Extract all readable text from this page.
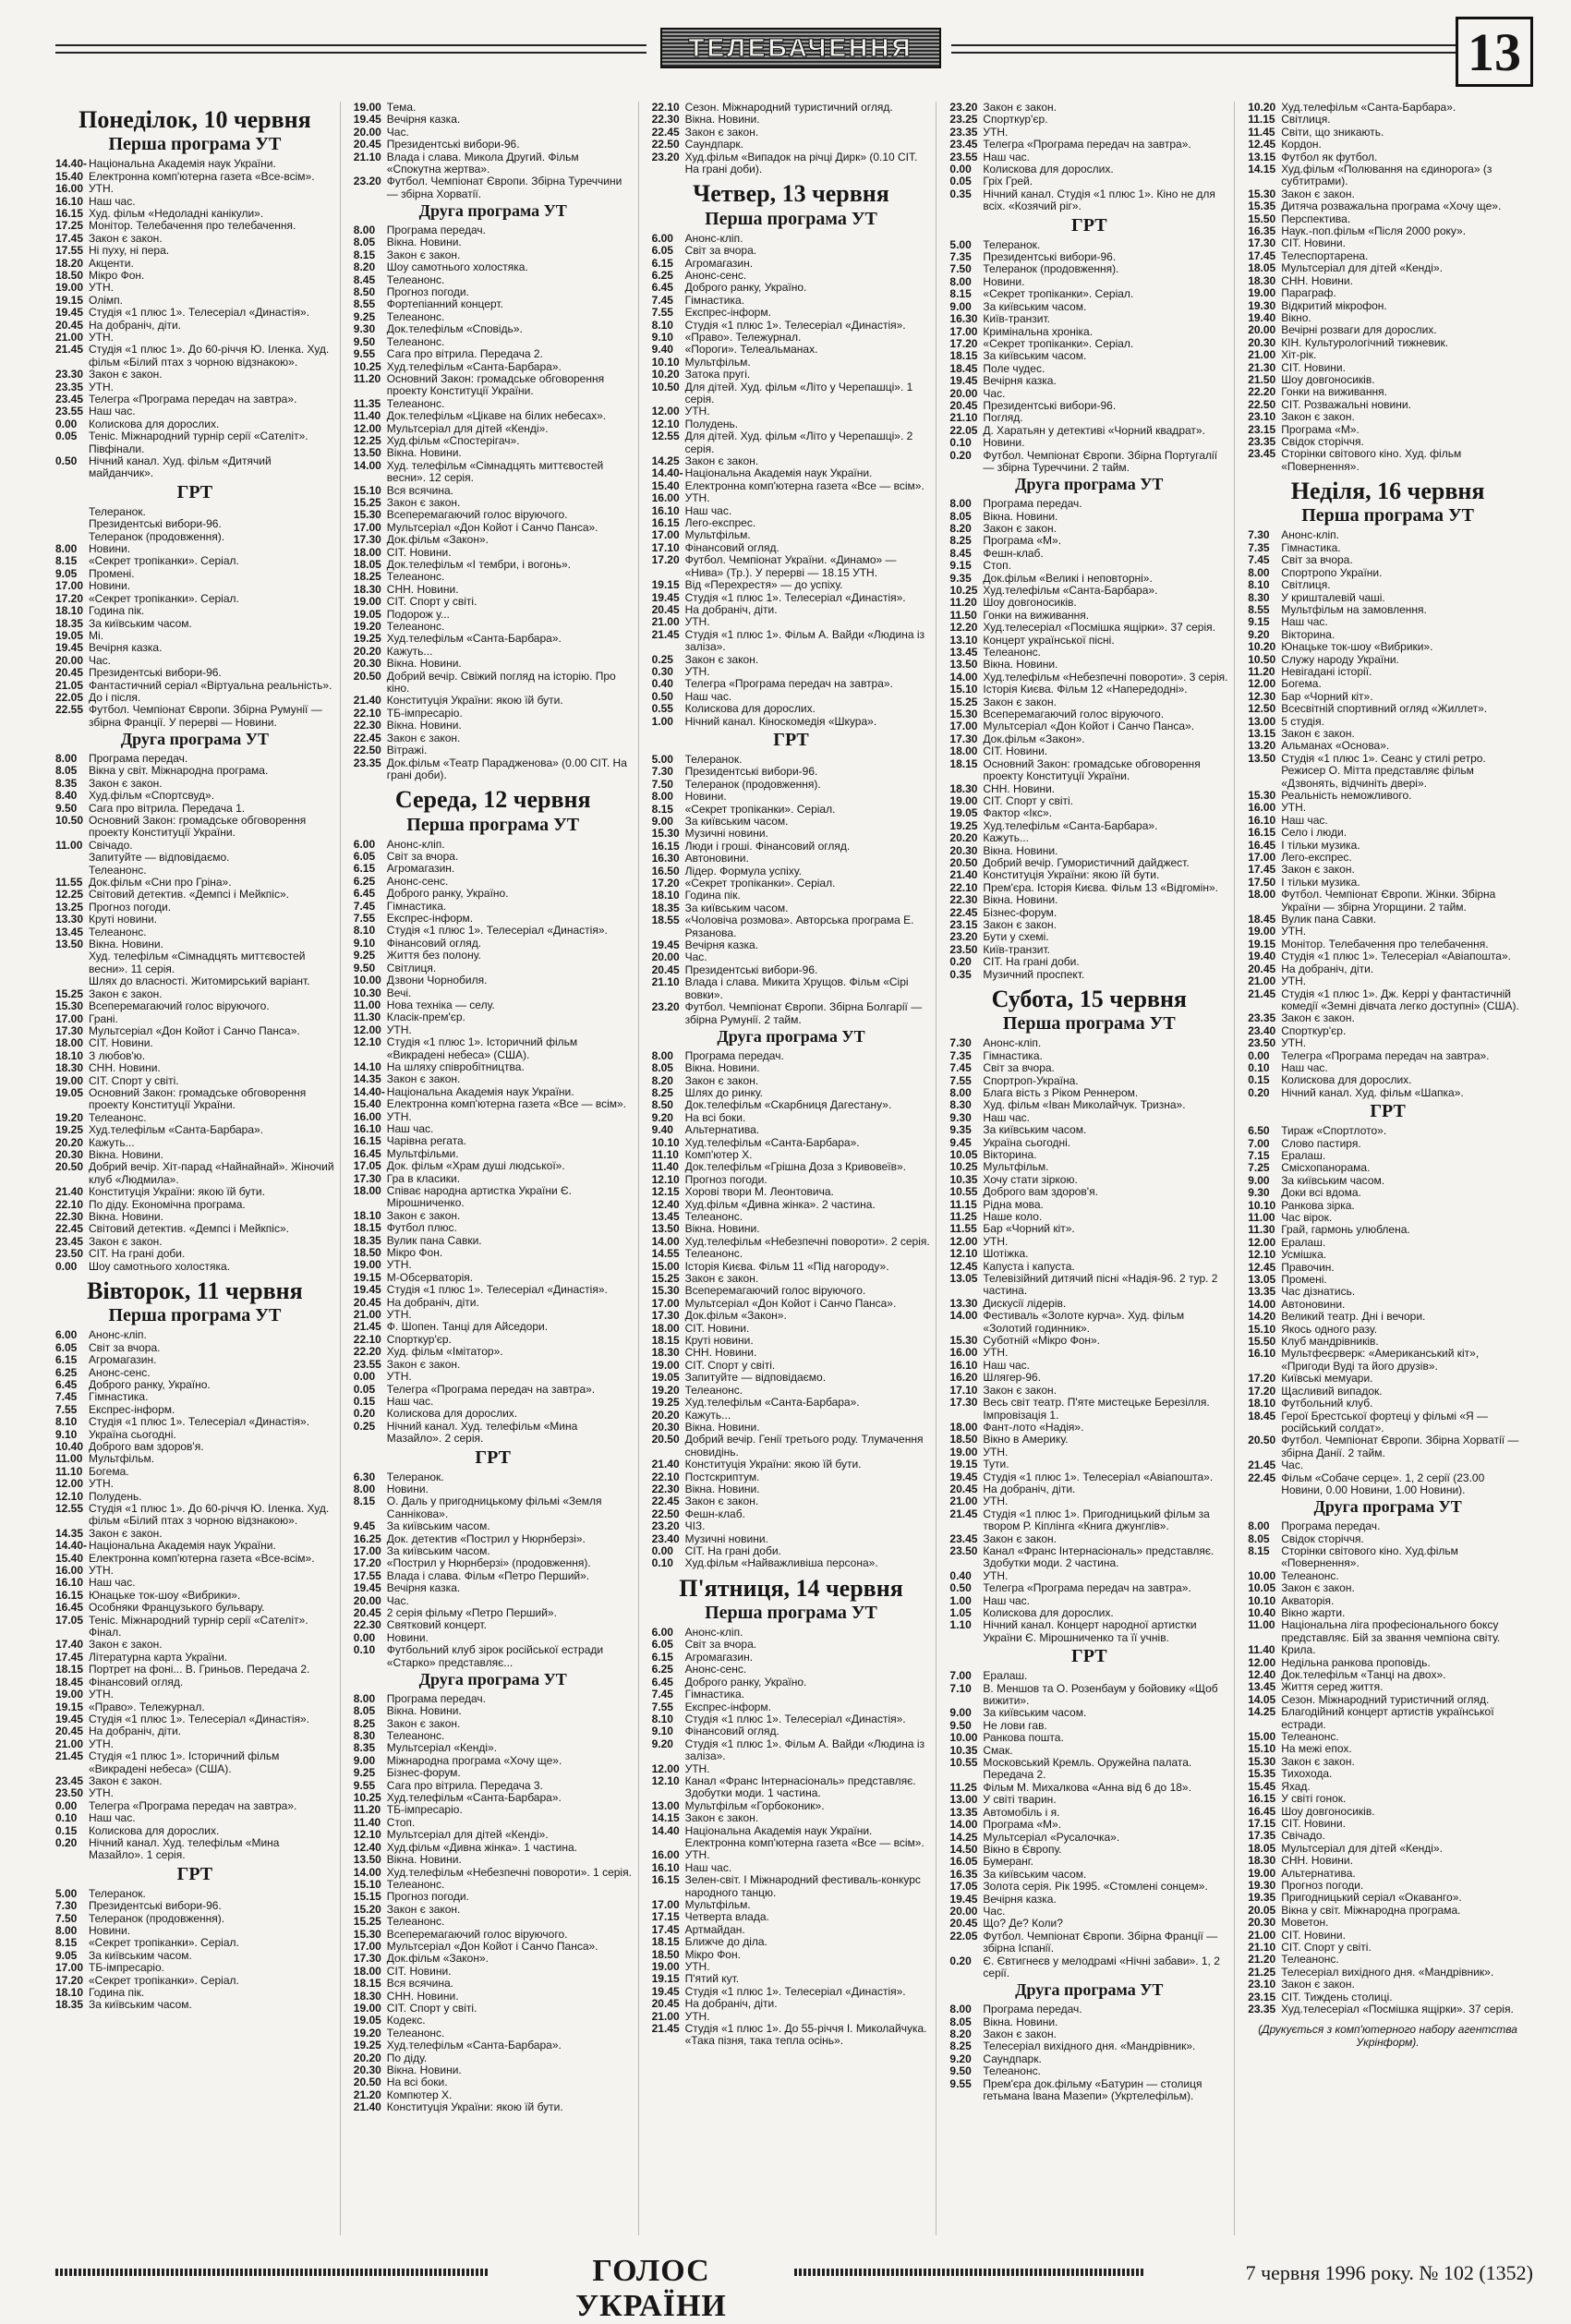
ТЕЛЕБАЧЕННЯ	13
Понеділок, 10 червня
Перша програма УТ
14.40-15.40
Національна Академія наук України. Електронна комп'ютерна газета «Все-всім».
16.00 УТН.
16.10 Наш час.
16.15 Худ. фільм «Недоладні канікули».
17.25 Монітор. Телебачення про телебачення.
17.45 Закон є закон.
17.55 Ні пуху, ні пера.
18.20 Акценти.
18.50 Мікро Фон.
19.00 УТН.
19.15 Олімп.
19.45 Студія «1 плюс 1». Телесеріал «Династія».
20.45 На добраніч, діти.
21.00 УТН.
21.45 Студія «1 плюс 1». До 60-річчя Ю. Іленка. Худ. фільм «Білий птах з чорною відзнакою».
23.30 Закон є закон.
23.35 УТН.
23.45 Телегра «Програма передач на завтра».
23.55 Наш час.
0.00	Колискова для дорослих.
0.05	Теніс. Міжнародний турнір серії «Сателіт». Півфінали.
0.50	Нічний канал. Худ. фільм «Дитячий майданчик».
ГРТ
Телеранок.
Президентські вибори-96.
Телеранок (продовження).
8.00	Новини.
8.15	«Секрет тропіканки». Серіал.
9.05	Промені.
17.00 Новини.
17.20 «Секрет тропіканки». Серіал.
18.10 Година пік.
18.35 За київським часом.
19.05 Мі.
19.45 Вечірня казка.
20.00 Час.
20.45 Президентські вибори-96.
21.05 Фантастичний серіал «Віртуальна реальність».
22.05 До і після.
22.55 Футбол. Чемпіонат Європи. Збірна Румунії — збірна Франції. У перерві — Новини.
Друга програма УТ
8.00	Програма передач.
8.05	Вікна у світ. Міжнародна програма.
8.35	Закон є закон.
8.40	Худ.фільм «Спортсвуд».
9.50	Сага про вітрила. Передача 1.
10.50 Основний Закон: громадське обговорення проекту Конституції України.
11.00 Свічадо.
Запитуйте — відповідаємо.
Телеанонс.
11.55 Док.фільм «Сни про Гріна».
12.25 Світовий детектив. «Демпсі і Мейкпіс».
13.25 Прогноз погоди.
13.30 Круті новини.
13.45 Телеанонс.
13.50 Вікна. Новини.
Худ. телефільм «Сімнадцять миттєвостей весни». 11 серія.
Шлях до власності. Житомирський варіант.
15.25 Закон є закон.
15.30 Всеперемагаючий голос віруючого.
17.00 Грані.
17.30 Мультсеріал «Дон Койот і Санчо Панса».
18.00 СІТ. Новини.
18.10 З любов'ю.
18.30 СНН. Новини.
19.00 СІТ. Спорт у світі.
19.05 Основний Закон: громадське обговорення проекту Конституції України.
19.20 Телеанонс.
19.25 Худ.телефільм «Санта-Барбара».
20.20 Кажуть...
20.30 Вікна. Новини.
20.50 Добрий вечір. Хіт-парад «Найнайнай». Жіночий клуб «Людмила».
21.40 Конституція України: якою їй бути.
22.10 По діду. Економічна програма.
22.30 Вікна. Новини.
22.45 Світовий детектив. «Демпсі і Мейкпіс».
23.45 Закон є закон.
23.50 СІТ. На грані доби.
0.00	Шоу самотнього холостяка.
Вівторок, 11 червня
Перша програма УТ
6.00	Анонс-кліп.
6.05	Світ за вчора.
6.15	Агромагазин.
6.25	Анонс-сенс.
6.45	Доброго ранку, Україно.
7.45	Гімнастика.
7.55	Експрес-інформ.
8.10	Студія «1 плюс 1». Телесеріал «Династія».
9.10	Україна сьогодні.
10.40 Доброго вам здоров'я.
11.00 Мультфільм.
11.10 Богема.
12.00 УТН.
12.10 Полудень.
12.55 Студія «1 плюс 1». До 60-річчя Ю. Іленка. Худ. фільм «Білий птах з чорною відзнакою».
14.35 Закон є закон.
14.40-15.40
Національна Академія наук України. Електронна комп'ютерна газета «Все-всім».
16.00 УТН.
16.10 Наш час.
16.15 Юнацьке ток-шоу «Вибрики».
16.45 Особняки Французького бульвару.
17.05 Теніс. Міжнародний турнір серії «Сателіт». Фінал.
17.40 Закон є закон.
17.45 Літературна карта України.
18.15 Портрет на фоні... В. Гриньов. Передача 2.
18.45 Фінансовий огляд.
19.00 УТН.
19.15 «Право». Тележурнал.
19.45 Студія «1 плюс 1». Телесеріал «Династія».
20.45 На добраніч, діти.
21.00 УТН.
21.45 Студія «1 плюс 1». Історичний фільм «Викрадені небеса» (США).
23.45 Закон є закон.
23.50 УТН.
0.00	Телегра «Програма передач на завтра».
0.10	Наш час.
0.15	Колискова для дорослих.
0.20	Нічний канал. Худ. телефільм «Мина Мазайло». 1 серія.
ГРТ
5.00	Телеранок.
7.30	Президентські вибори-96.
7.50	Телеранок (продовження).
8.00	Новини.
8.15	«Секрет тропіканки». Серіал.
9.05	За київським часом.
17.00 ТБ-імпресаріо.
17.20 «Секрет тропіканки». Серіал.
18.10 Година пік.
18.35 За київським часом.
19.00 Тема.
19.45 Вечірня казка.
20.00 Час.
20.45 Президентські вибори-96.
21.10 Влада і слава. Микола Другий. Фільм «Спокутна жертва».
23.20 Футбол. Чемпіонат Європи. Збірна Туреччини — збірна Хорватії.
Друга програма УТ
8.00	Програма передач.
8.05	Вікна. Новини.
8.15	Закон є закон.
8.20	Шоу самотнього холостяка.
8.45	Телеанонс.
8.50	Прогноз погоди.
8.55	Фортепіанний концерт.
9.25	Телеанонс.
9.30	Док.телефільм «Сповідь».
9.50	Телеанонс.
9.55	Сага про вітрила. Передача 2.
10.25 Худ.телефільм «Санта-Барбара».
11.20 Основний Закон: громадське обговорення проекту Конституції України.
11.35 Телеанонс.
11.40 Док.телефільм «Цікаве на білих небесах».
12.00 Мультсеріал для дітей «Кенді».
12.25 Худ.фільм «Спостерігач».
13.50 Вікна. Новини.
14.00 Худ. телефільм «Сімнадцять миттєвостей весни». 12 серія.
15.10 Вся всячина.
15.25 Закон є закон.
15.30 Всеперемагаючий голос віруючого.
17.00 Мультсеріал «Дон Койот і Санчо Панса».
17.30 Док.фільм «Закон».
18.00 СІТ. Новини.
18.05 Док.телефільм «І тембри, і вогонь».
18.25 Телеанонс.
18.30 СНН. Новини.
19.00 СІТ. Спорт у світі.
19.05 Подорож у...
19.20 Телеанонс.
19.25 Худ.телефільм «Санта-Барбара».
20.20 Кажуть...
20.30 Вікна. Новини.
20.50 Добрий вечір. Свіжий погляд на історію. Про кіно.
21.40 Конституція України: якою їй бути.
22.10 ТБ-імпресаріо.
22.30 Вікна. Новини.
22.45 Закон є закон.
22.50 Вітражі.
23.35 Док.фільм «Театр Парадженова» (0.00 СІТ. На грані доби).
Середа, 12 червня
Перша програма УТ
6.00	Анонс-кліп.
6.05	Світ за вчора.
6.15	Агромагазин.
6.25	Анонс-сенс.
6.45	Доброго ранку, Україно.
7.45	Гімнастика.
7.55	Експрес-інформ.
8.10	Студія «1 плюс 1». Телесеріал «Династія».
9.10	Фінансовий огляд.
9.25	Життя без полону.
9.50	Світлиця.
10.00 Дзвони Чорнобиля.
10.30 Вечі.
11.00 Нова техніка — селу.
11.30 Класік-прем'єр.
12.00 УТН.
12.10 Студія «1 плюс 1». Історичний фільм «Викрадені небеса» (США).
14.10 На шляху співробітництва.
14.35 Закон є закон.
14.40-15.40
Національна Академія наук України. Електронна комп'ютерна газета «Все — всім».
16.00 УТН.
16.10 Наш час.
16.15 Чарівна регата.
16.45 Мультфільми.
17.05 Док. фільм «Храм душі людської».
17.30 Гра в класики.
18.00 Співає народна артистка України Є. Мірошниченко.
18.10 Закон є закон.
18.15 Футбол плюс.
18.35 Вулик пана Савки.
18.50 Мікро Фон.
19.00 УТН.
19.15 М-Обсерваторія.
19.45 Студія «1 плюс 1». Телесеріал «Династія».
20.45 На добраніч, діти.
21.00 УТН.
21.45 Ф. Шопен. Танці для Айседори.
22.10 Спорткур'єр.
22.20 Худ. фільм «Імітатор».
23.55 Закон є закон.
0.00	УТН.
0.05	Телегра «Програма передач на завтра».
0.15	Наш час.
0.20	Колискова для дорослих.
0.25	Нічний канал. Худ. телефільм «Мина Мазайло». 2 серія.
ГРТ
6.30	Телеранок.
8.00	Новини.
8.15	О. Даль у пригодницькому фільмі «Земля Саннікова».
9.45	За київським часом.
16.25 Док. детектив «Пострил у Нюрнберзі».
17.00 За київським часом.
17.20 «Пострил у Нюрнберзі» (продовження).
17.55 Влада і слава. Фільм «Петро Перший».
19.45 Вечірня казка.
20.00 Час.
20.45 2 серія фільму «Петро Перший».
22.30 Святковий концерт.
0.00	Новини.
0.10	Футбольний клуб зірок російської естради «Старко» представляє...
Друга програма УТ
8.00	Програма передач.
8.05	Вікна. Новини.
8.25	Закон є закон.
8.30	Телеанонс.
8.35	Мультсеріал «Кенді».
9.00	Міжнародна програма «Хочу ще».
9.25	Бізнес-форум.
9.55	Сага про вітрила. Передача 3.
10.25 Худ.телефільм «Санта-Барбара».
11.20 ТБ-імпресаріо.
11.40 Стоп.
12.10 Мультсеріал для дітей «Кенді».
12.40 Худ.фільм «Дивна жінка». 1 частина.
13.50 Вікна. Новини.
14.00 Худ.телефільм «Небезпечні повороти». 1 серія.
15.10 Телеанонс.
15.15 Прогноз погоди.
15.20 Закон є закон.
15.25 Телеанонс.
15.30 Всеперемагаючий голос віруючого.
17.00 Мультсеріал «Дон Койот і Санчо Панса».
17.30 Док.фільм «Закон».
18.00 СІТ. Новини.
18.15 Вся всячина.
18.30 СНН. Новини.
19.00 СІТ. Спорт у світі.
19.05 Кодекс.
19.20 Телеанонс.
19.25 Худ.телефільм «Санта-Барбара».
20.20 По діду.
20.30 Вікна. Новини.
20.50 На всі боки.
21.20 Компютер Х.
21.40 Конституція України: якою їй бути.
22.10 Сезон. Міжнародний туристичний огляд.
22.30 Вікна. Новини.
22.45 Закон є закон.
22.50 Саундпарк.
23.20 Худ.фільм «Випадок на річці Дирк» (0.10 СІТ. На грані доби).
Четвер, 13 червня
Перша програма УТ
6.00	Анонс-кліп.
6.05	Світ за вчора.
6.15	Агромагазин.
6.25	Анонс-сенс.
6.45	Доброго ранку, Україно.
7.45	Гімнастика.
7.55	Експрес-інформ.
8.10	Студія «1 плюс 1». Телесеріал «Династія».
9.10	«Право». Тележурнал.
9.40	«Пороги». Телеальманах.
10.10 Мультфільм.
10.20 Затока пругі.
10.50 Для дітей. Худ. фільм «Літо у Черепашці». 1 серія.
12.00 УТН.
12.10 Полудень.
12.55 Для дітей. Худ. фільм «Літо у Черепашці». 2 серія.
14.25 Закон є закон.
14.40-15.40
Національна Академія наук України. Електронна комп'ютерна газета «Все — всім».
16.00 УТН.
16.10 Наш час.
16.15 Лего-експрес.
17.00 Мультфільм.
17.10 Фінансовий огляд.
17.20 Футбол. Чемпіонат України. «Динамо» — «Нива» (Тр.). У перерві — 18.15 УТН.
19.15 Від «Перехрестя» — до успіху.
19.45 Студія «1 плюс 1». Телесеріал «Династія».
20.45 На добраніч, діти.
21.00 УТН.
21.45 Студія «1 плюс 1». Фільм А. Вайди «Людина із заліза».
0.25	Закон є закон.
0.30	УТН.
0.40	Телегра «Програма передач на завтра».
0.50	Наш час.
0.55	Колискова для дорослих.
1.00	Нічний канал. Кіноскомедія «Шкура».
ГРТ
5.00	Телеранок.
7.30	Президентські вибори-96.
7.50	Телеранок (продовження).
8.00	Новини.
8.15	«Секрет тропіканки». Серіал.
9.00	За київським часом.
15.30 Музичні новини.
16.15 Люди і гроші. Фінансовий огляд.
16.30 Автоновини.
16.50 Лідер. Формула успіху.
17.20 «Секрет тропіканки». Серіал.
18.10 Година пік.
18.35 За київським часом.
18.55 «Чоловіча розмова». Авторська програма Е. Рязанова.
19.45 Вечірня казка.
20.00 Час.
20.45 Президентські вибори-96.
21.10 Влада і слава. Микита Хрущов. Фільм «Сірі вовки».
23.20 Футбол. Чемпіонат Європи. Збірна Болгарії — збірна Румунії. 2 тайм.
Друга програма УТ
8.00	Програма передач.
8.05	Вікна. Новини.
8.20	Закон є закон.
8.25	Шлях до ринку.
8.50	Док.телефільм «Скарбниця Дагестану».
9.20	На всі боки.
9.40	Альтернатива.
10.10 Худ.телефільм «Санта-Барбара».
11.10 Комп'ютер Х.
11.40 Док.телефільм «Грішна Доза з Кривовеїв».
12.10 Прогноз погоди.
12.15 Хорові твори М. Леонтовича.
12.40 Худ.фільм «Дивна жінка». 2 частина.
13.45 Телеанонс.
13.50 Вікна. Новини.
14.00 Худ.телефільм «Небезпечні повороти». 2 серія.
14.55 Телеанонс.
15.00 Історія Києва. Фільм 11 «Під нагороду».
15.25 Закон є закон.
15.30 Всеперемагаючий голос віруючого.
17.00 Мультсеріал «Дон Койот і Санчо Панса».
17.30 Док.фільм «Закон».
18.00 СІТ. Новини.
18.15 Круті новини.
18.30 СНН. Новини.
19.00 СІТ. Спорт у світі.
19.05 Запитуйте — відповідаємо.
19.20 Телеанонс.
19.25 Худ.телефільм «Санта-Барбара».
20.20 Кажуть...
20.30 Вікна. Новини.
20.50 Добрий вечір. Генії третього роду. Тлумачення сновидінь.
21.40 Конституція України: якою їй бути.
22.10 Постскриптум.
22.30 Вікна. Новини.
22.45 Закон є закон.
22.50 Фешн-клаб.
23.20 ЧІЗ.
23.40 Музичні новини.
0.00	СІТ. На грані доби.
0.10	Худ.фільм «Найважливіша персона».
П'ятниця, 14 червня
Перша програма УТ
6.00	Анонс-кліп.
6.05	Світ за вчора.
6.15	Агромагазин.
6.25	Анонс-сенс.
6.45	Доброго ранку, Україно.
7.45	Гімнастика.
7.55	Експрес-інформ.
8.10	Студія «1 плюс 1». Телесеріал «Династія».
9.10	Фінансовий огляд.
9.20	Студія «1 плюс 1». Фільм А. Вайди «Людина із заліза».
12.00 УТН.
12.10 Канал «Франс Інтернасіональ» представляє. Здобутки моди. 1 частина.
13.00 Мультфільм «Горбоконик».
14.15 Закон є закон.
14.40 Національна Академія наук України. Електронна комп'ютерна газета «Все — всім».
16.00 УТН.
16.10 Наш час.
16.15 Зелен-світ. І Міжнародний фестиваль-конкурс народного танцю.
17.00 Мультфільм.
17.15 Четверта влада.
17.45 Артмайдан.
18.15 Ближче до діла.
18.50 Мікро Фон.
19.00 УТН.
19.15 П'ятий кут.
19.45 Студія «1 плюс 1». Телесеріал «Династія».
20.45 На добраніч, діти.
21.00 УТН.
21.45 Студія «1 плюс 1». До 55-річчя І. Миколайчука. «Така пізня, така тепла осінь».
23.20 Закон є закон.
23.25 Спорткур'єр.
23.35 УТН.
23.45 Телегра «Програма передач на завтра».
23.55 Наш час.
0.00	Колискова для дорослих.
0.05	Гріх Грей.
0.35	Нічний канал. Студія «1 плюс 1». Кіно не для всіх. «Козячий ріг».
ГРТ
5.00	Телеранок.
7.35	Президентські вибори-96.
7.50	Телеранок (продовження).
8.00	Новини.
8.15	«Секрет тропіканки». Серіал.
9.00	За київським часом.
16.30 Київ-транзит.
17.00 Кримінальна хроніка.
17.20 «Секрет тропіканки». Серіал.
18.15 За київським часом.
18.45 Поле чудес.
19.45 Вечірня казка.
20.00 Час.
20.45 Президентські вибори-96.
21.10 Погляд.
22.05 Д. Харатьян у детективі «Чорний квадрат».
0.10	Новини.
0.20	Футбол. Чемпіонат Європи. Збірна Португалії — збірна Туреччини. 2 тайм.
Друга програма УТ
8.00	Програма передач.
8.05	Вікна. Новини.
8.20	Закон є закон.
8.25	Програма «М».
8.45	Фешн-клаб.
9.15	Стоп.
9.35	Док.фільм «Великі і неповторні».
10.25 Худ.телефільм «Санта-Барбара».
11.20 Шоу довгоносиків.
11.50 Гонки на виживання.
12.20 Худ.телесеріал «Посмішка ящірки». 37 серія.
13.10 Концерт української пісні.
13.45 Телеанонс.
13.50 Вікна. Новини.
14.00 Худ.телефільм «Небезпечні повороти». 3 серія.
15.10 Історія Києва. Фільм 12 «Напередодні».
15.25 Закон є закон.
15.30 Всеперемагаючий голос віруючого.
17.00 Мультсеріал «Дон Койот і Санчо Панса».
17.30 Док.фільм «Закон».
18.00 СІТ. Новини.
18.15 Основний Закон: громадське обговорення проекту Конституції України.
18.30 СНН. Новини.
19.00 СІТ. Спорт у світі.
19.05 Фактор «Ікс».
19.25 Худ.телефільм «Санта-Барбара».
20.20 Кажуть...
20.30 Вікна. Новини.
20.50 Добрий вечір. Гумористичний дайджест.
21.40 Конституція України: якою їй бути.
22.10 Прем'єра. Історія Києва. Фільм 13 «Відгомін».
22.30 Вікна. Новини.
22.45 Бізнес-форум.
23.15 Закон є закон.
23.20 Бути у схемі.
23.50 Київ-транзит.
0.20	СІТ. На грані доби.
0.35	Музичний проспект.
Субота, 15 червня
Перша програма УТ
7.30	Анонс-кліп.
7.35	Гімнастика.
7.45	Світ за вчора.
7.55	Спортроп-Україна.
8.00	Блага вість з Ріком Реннером.
8.30	Худ. фільм «Іван Миколайчук. Тризна».
9.30	Наш час.
9.35	За київським часом.
9.45	Україна сьогодні.
10.05 Вікторина.
10.25 Мультфільм.
10.35 Хочу стати зіркою.
10.55 Доброго вам здоров'я.
11.15 Рідна мова.
11.25 Наше коло.
11.55 Бар «Чорний кіт».
12.00 УТН.
12.10 Шотіжка.
12.45 Капуста і капуста.
13.05 Телевізійний дитячий пісні «Надія-96. 2 тур. 2 частина.
13.30 Дискусії лідерів.
14.00 Фестиваль «Золоте курча». Худ. фільм «Золотий годинник».
15.30 Суботній «Мікро Фон».
16.00 УТН.
16.10 Наш час.
16.20 Шлягер-96.
17.10 Закон є закон.
17.30 Весь світ театр. П'яте мистецьке Березілля. Імпровізація 1.
18.00 Фант-лото «Надія».
18.50 Вікно в Америку.
19.00 УТН.
19.15 Тути.
19.45 Студія «1 плюс 1». Телесеріал «Авіапошта».
20.45 На добраніч, діти.
21.00 УТН.
21.45 Студія «1 плюс 1». Пригодницький фільм за твором Р. Кіплінга «Книга джунглів».
23.45 Закон є закон.
23.50 Канал «Франс Інтернасіональ» представляє. Здобутки моди. 2 частина.
0.40	УТН.
0.50	Телегра «Програма передач на завтра».
1.00	Наш час.
1.05	Колискова для дорослих.
1.10	Нічний канал. Концерт народної артистки України Є. Мірошниченко та її учнів.
ГРТ
7.00	Ералаш.
7.10	В. Меншов та О. Розенбаум у бойовику «Щоб вижити».
9.00	За київським часом.
9.50	Не лови гав.
10.00 Ранкова пошта.
10.35 Смак.
10.55 Московський Кремль. Оружейна палата. Передача 2.
11.25 Фільм М. Михалкова «Анна від 6 до 18».
13.00 У світі тварин.
13.35 Автомобіль і я.
14.00 Програма «М».
14.25 Мультсеріал «Русалочка».
14.50 Вікно в Європу.
16.05 Бумеранг.
16.35 За київським часом.
17.05 Золота серія. Рік 1995. «Стомлені сонцем».
19.45 Вечірня казка.
20.00 Час.
20.45 Що? Де? Коли?
22.05 Футбол. Чемпіонат Європи. Збірна Франції — збірна Іспанії.
0.20	Є. Євтигнеєв у мелодрамі «Нічні забави». 1, 2 серії.
Друга програма УТ
8.00	Програма передач.
8.05	Вікна. Новини.
8.20	Закон є закон.
8.25	Телесеріал вихідного дня. «Мандрівник».
9.20	Саундпарк.
9.50	Телеанонс.
9.55	Прем'єра док.фільму «Батурин — столиця гетьмана Івана Мазепи» (Укртелефільм).
10.20 Худ.телефільм «Санта-Барбара».
11.15 Світлиця.
11.45 Світи, що зникають.
12.45 Кордон.
13.15 Футбол як футбол.
14.15 Худ.фільм «Полювання на єдинорога» (з субтитрами).
15.30 Закон є закон.
15.35 Дитяча розважальна програма «Хочу ще».
15.50 Перспектива.
16.35 Наук.-поп.фільм «Після 2000 року».
17.30 СІТ. Новини.
17.45 Телеспортарена.
18.05 Мультсеріал для дітей «Кенді».
18.30 СНН. Новини.
19.00 Параграф.
19.30 Відкритий мікрофон.
19.40 Вікно.
20.00 Вечірні розваги для дорослих.
20.30 КІН. Культурологічний тижневик.
21.00 Хіт-рік.
21.30 СІТ. Новини.
21.50 Шоу довгоносиків.
22.20 Гонки на виживання.
22.50 СІТ. Розважальні новини.
23.10 Закон є закон.
23.15 Програма «М».
23.35 Свідок сторіччя.
23.45 Сторінки світового кіно. Худ. фільм «Повернення».
Неділя, 16 червня
Перша програма УТ
7.30	Анонс-кліп.
7.35	Гімнастика.
7.45	Світ за вчора.
8.00	Спортропо України.
8.10	Світлиця.
8.30	У кришталевій чаші.
8.55	Мультфільм на замовлення.
9.15	Наш час.
9.20	Вікторина.
10.20 Юнацьке ток-шоу «Вибрики».
10.50 Служу народу України.
11.20 Невігадані історії.
12.00 Богема.
12.30 Бар «Чорний кіт».
12.50 Всесвітній спортивний огляд «Жиллет».
13.00 5 студія.
13.15 Закон є закон.
13.20 Альманах «Основа».
13.50 Студія «1 плюс 1». Сеанс у стилі ретро. Режисер О. Мітта представляє фільм «Дзвонять, відчиніть двері».
15.30 Реальність неможливого.
16.00 УТН.
16.10 Наш час.
16.15 Село і люди.
16.45 І тільки музика.
17.00 Лего-експрес.
17.45 Закон є закон.
17.50 І тільки музика.
18.00 Футбол. Чемпіонат Європи. Жінки. Збірна України — збірна Угорщини. 2 тайм.
18.45 Вулик пана Савки.
19.00 УТН.
19.15 Монітор. Телебачення про телебачення.
19.40 Студія «1 плюс 1». Телесеріал «Авіапошта».
20.45 На добраніч, діти.
21.00 УТН.
21.45 Студія «1 плюс 1». Дж. Керрі у фантастичній комедії «Земні дівчата легко доступні» (США).
23.35 Закон є закон.
23.40 Спорткур'єр.
23.50 УТН.
0.00	Телегра «Програма передач на завтра».
0.10	Наш час.
0.15	Колискова для дорослих.
0.20	Нічний канал. Худ. фільм «Шапка».
ГРТ
6.50	Тираж «Спортлото».
7.00	Слово пастиря.
7.15	Ералаш.
7.25	Смісхопанорама.
9.00	За київським часом.
9.30	Доки всі вдома.
10.10 Ранкова зірка.
11.00 Час вірок.
11.30 Грай, гармонь улюблена.
12.00 Ералаш.
12.10 Усмішка.
12.45 Правочин.
13.05 Промені.
13.35 Час дізнатись.
14.00 Автоновини.
14.20 Великий театр. Дні і вечори.
15.10 Якось одного разу.
15.50 Клуб мандрівників.
16.10 Мультфеєрверк: «Американський кіт», «Пригоди Вуді та його друзів».
17.20 Київські мемуари.
17.20 Щасливий випадок.
18.10 Футбольний клуб.
18.45 Герої Брестської фортеці у фільмі «Я — російський солдат».
20.50 Футбол. Чемпіонат Європи. Збірна Хорватії — збірна Данії. 2 тайм.
21.45 Час.
22.45 Фільм «Собаче серце». 1, 2 серії (23.00 Новини, 0.00 Новини, 1.00 Новини).
Друга програма УТ
8.00	Програма передач.
8.05	Свідок сторіччя.
8.15	Сторінки світового кіно. Худ.фільм «Повернення».
10.00 Телеанонс.
10.05 Закон є закон.
10.10 Акваторія.
10.40 Вікно жарти.
11.00 Національна ліга професіонального боксу представляє. Бій за звання чемпіона світу.
11.40 Крила.
12.00 Недільна ранкова проповідь.
12.40 Док.телефільм «Танці на двох».
13.45 Життя серед життя.
14.05 Сезон. Міжнародний туристичний огляд.
14.25 Благодійний концерт артистів української естради.
15.00 Телеанонс.
15.10 На межі епох.
15.30 Закон є закон.
15.35 Тихохода.
15.45 Яхад.
16.15 У світі гонок.
16.45 Шоу довгоносиків.
17.15 СІТ. Новини.
17.35 Свічадо.
18.05 Мультсеріал для дітей «Кенді».
18.30 СНН. Новини.
19.00 Альтернатива.
19.30 Прогноз погоди.
19.35 Пригодницький серіал «Окаванго».
20.05 Вікна у світ. Міжнародна програма.
20.30 Моветон.
21.00 СІТ. Новини.
21.10 СІТ. Спорт у світі.
21.20 Телеанонс.
21.25 Телесеріал вихідного дня. «Мандрівник».
23.10 Закон є закон.
23.15 СІТ. Тиждень столиці.
23.35 Худ.телесеріал «Посмішка ящірки». 37 серія.
(Друкується з комп'ютерного набору агентства Укрінформ).
ГОЛОС УКРАЇНИ
7 червня 1996 року. № 102 (1352)
